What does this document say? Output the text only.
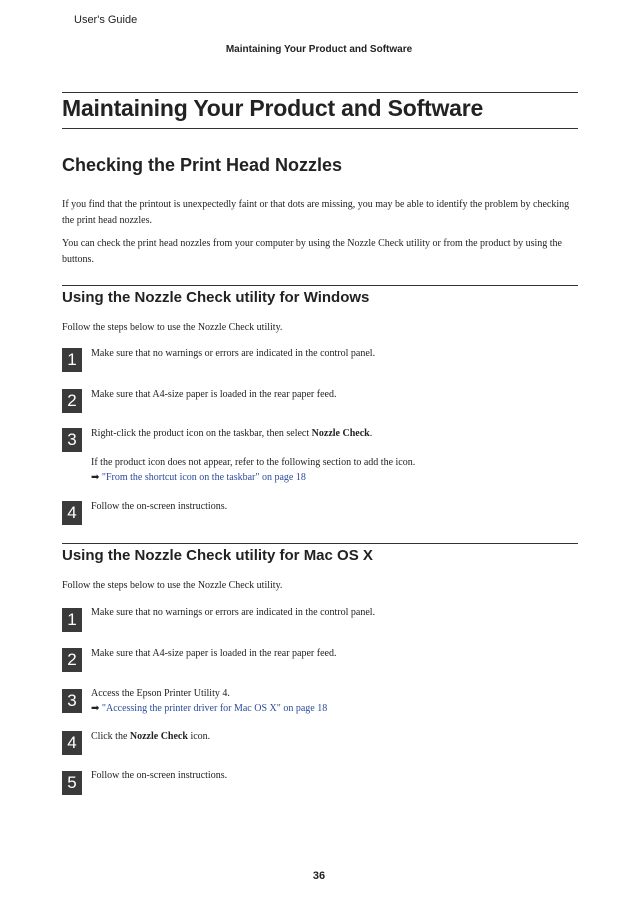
User's Guide
Maintaining Your Product and Software
Maintaining Your Product and Software
Checking the Print Head Nozzles
If you find that the printout is unexpectedly faint or that dots are missing, you may be able to identify the problem by checking the print head nozzles.
You can check the print head nozzles from your computer by using the Nozzle Check utility or from the product by using the buttons.
Using the Nozzle Check utility for Windows
Follow the steps below to use the Nozzle Check utility.
1	Make sure that no warnings or errors are indicated in the control panel.
2	Make sure that A4-size paper is loaded in the rear paper feed.
3	Right-click the product icon on the taskbar, then select Nozzle Check.
If the product icon does not appear, refer to the following section to add the icon.
➡ "From the shortcut icon on the taskbar" on page 18
4	Follow the on-screen instructions.
Using the Nozzle Check utility for Mac OS X
Follow the steps below to use the Nozzle Check utility.
1	Make sure that no warnings or errors are indicated in the control panel.
2	Make sure that A4-size paper is loaded in the rear paper feed.
3	Access the Epson Printer Utility 4.
➡ "Accessing the printer driver for Mac OS X" on page 18
4	Click the Nozzle Check icon.
5	Follow the on-screen instructions.
36
